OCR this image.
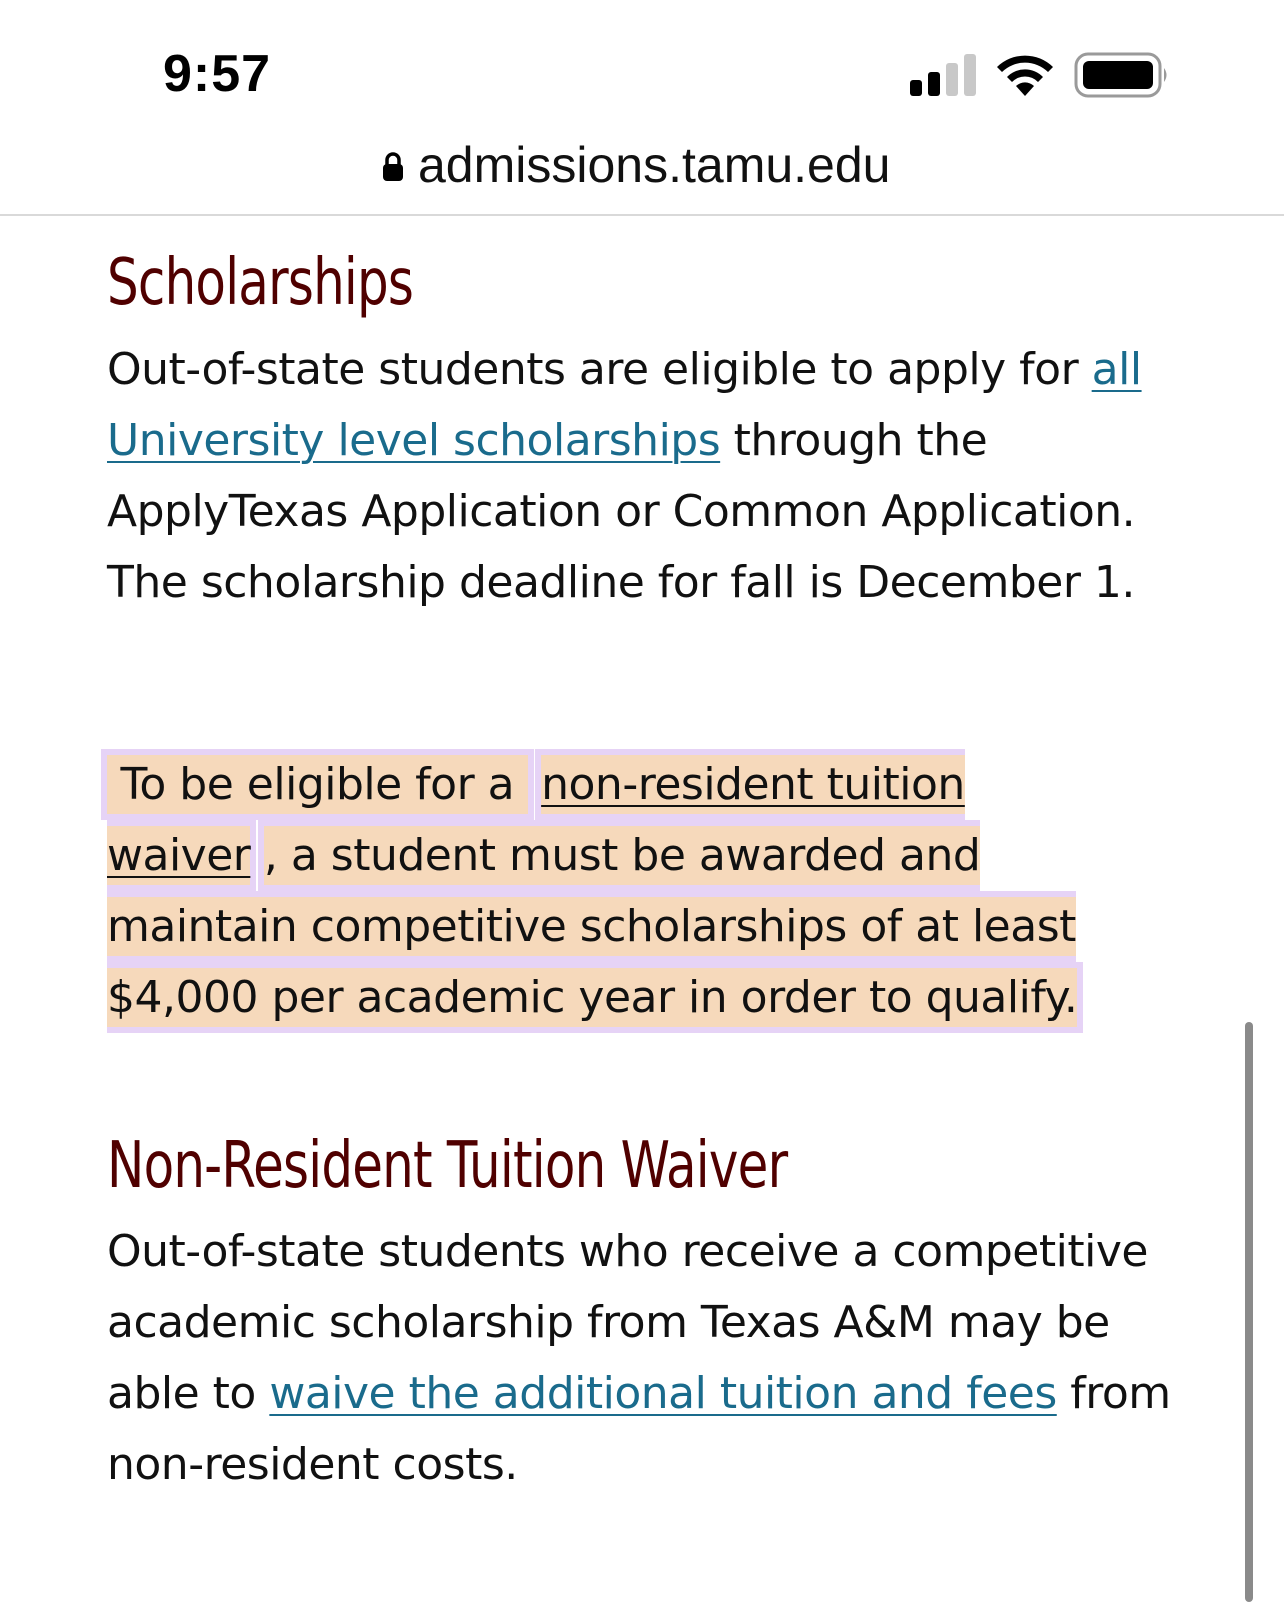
9:57
admissions.tamu.edu
Scholarships

Out-of-state students are eligible to apply for all University level scholarships through the ApplyTexas Application or Common Application. The scholarship deadline for fall is December 1.

To be eligible for a  non-resident tuition waiver , a student must be awarded and maintain competitive scholarships of at least $4,000 per academic year in order to qualify.

Non-Resident Tuition Waiver

Out-of-state students who receive a competitive academic scholarship from Texas A&M may be able to waive the additional tuition and fees from non-resident costs.
